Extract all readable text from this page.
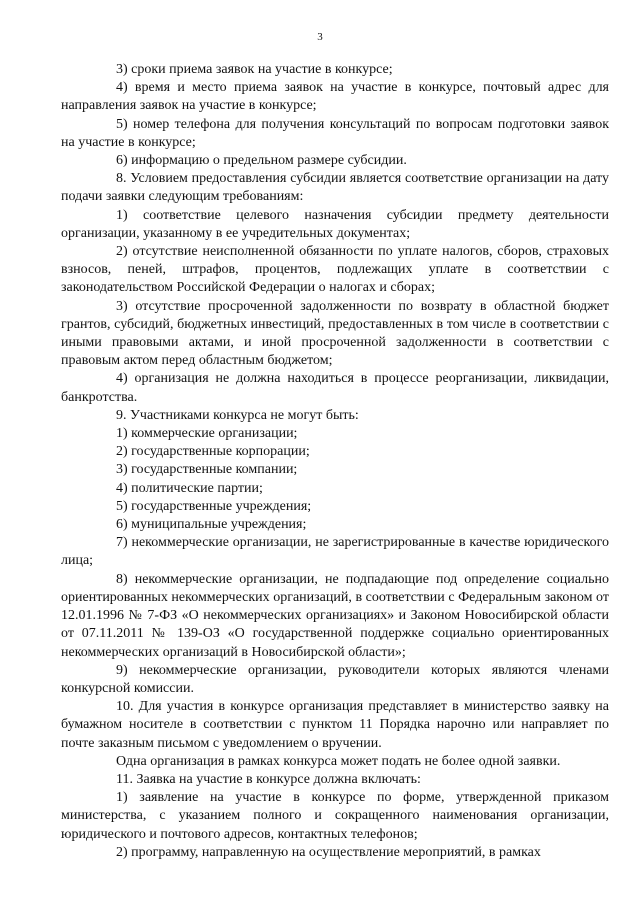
3

3) сроки приема заявок на участие в конкурсе;

4) время и место приема заявок на участие в конкурсе, почтовый адрес для направления заявок на участие в конкурсе;

5) номер телефона для получения консультаций по вопросам подготовки заявок на участие в конкурсе;

6) информацию о предельном размере субсидии.

8. Условием предоставления субсидии является соответствие организации на дату подачи заявки следующим требованиям:

1) соответствие целевого назначения субсидии предмету деятельности организации, указанному в ее учредительных документах;

2) отсутствие неисполненной обязанности по уплате налогов, сборов, страховых взносов, пеней, штрафов, процентов, подлежащих уплате в соответствии с законодательством Российской Федерации о налогах и сборах;

3) отсутствие просроченной задолженности по возврату в областной бюджет грантов, субсидий, бюджетных инвестиций, предоставленных в том числе в соответствии с иными правовыми актами, и иной просроченной задолженности в соответствии с правовым актом перед областным бюджетом;

4) организация не должна находиться в процессе реорганизации, ликвидации, банкротства.

9. Участниками конкурса не могут быть:

1) коммерческие организации;

2) государственные корпорации;

3) государственные компании;

4) политические партии;

5) государственные учреждения;

6) муниципальные учреждения;

7) некоммерческие организации, не зарегистрированные в качестве юридического лица;

8) некоммерческие организации, не подпадающие под определение социально ориентированных некоммерческих организаций, в соответствии с Федеральным законом от 12.01.1996 № 7-ФЗ «О некоммерческих организациях» и Законом Новосибирской области от 07.11.2011 № 139-ОЗ «О государственной поддержке социально ориентированных некоммерческих организаций в Новосибирской области»;

9) некоммерческие организации, руководители которых являются членами конкурсной комиссии.

10. Для участия в конкурсе организация представляет в министерство заявку на бумажном носителе в соответствии с пунктом 11 Порядка нарочно или направляет по почте заказным письмом с уведомлением о вручении.

Одна организация в рамках конкурса может подать не более одной заявки.

11. Заявка на участие в конкурсе должна включать:

1) заявление на участие в конкурсе по форме, утвержденной приказом министерства, с указанием полного и сокращенного наименования организации, юридического и почтового адресов, контактных телефонов;

2) программу, направленную на осуществление мероприятий, в рамках
